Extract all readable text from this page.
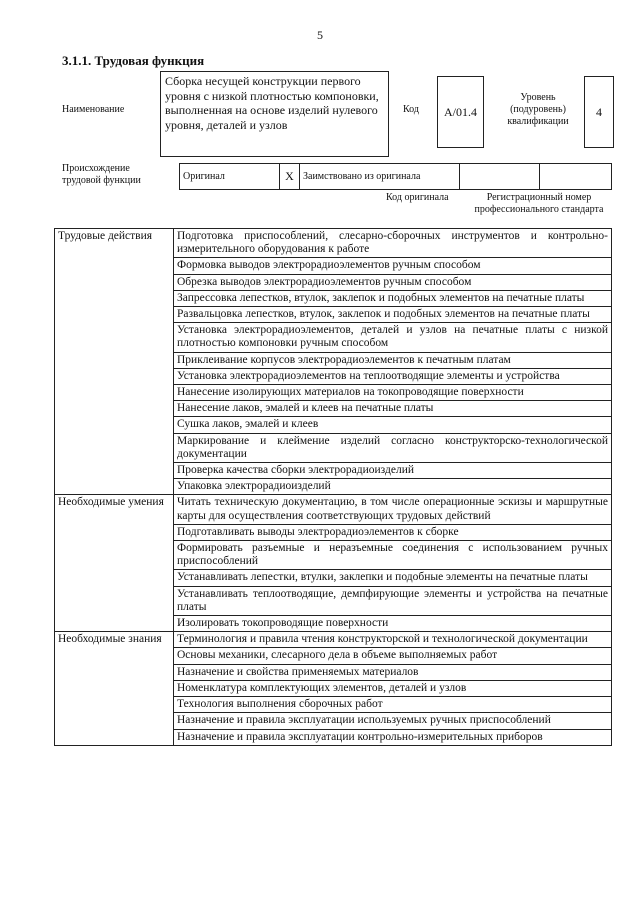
5
3.1.1. Трудовая функция
Наименование
Сборка несущей конструкции первого уровня с низкой плотностью компоновки, выполненная на основе изделий нулевого уровня, деталей и узлов
Код	А/01.4
Уровень (подуровень) квалификации
4
Происхождение трудовой функции	Оригинал	X Заимствовано из оригинала
Код оригинала	Регистрационный номер профессионального стандарта
Трудовые действия	Подготовка приспособлений, слесарно-сборочных инструментов и контрольно-измерительного оборудования к работе
	Формовка выводов электрорадиоэлементов ручным способом
	Обрезка выводов электрорадиоэлементов ручным способом
	Запрессовка лепестков, втулок, заклепок и подобных элементов на печатные платы
	Развальцовка лепестков, втулок, заклепок и подобных элементов на печатные платы
	Установка электрорадиоэлементов, деталей и узлов на печатные платы с низкой плотностью компоновки ручным способом
	Приклеивание корпусов электрорадиоэлементов к печатным платам
	Установка электрорадиоэлементов на теплоотводящие элементы и устройства
	Нанесение изолирующих материалов на токопроводящие поверхности
	Нанесение лаков, эмалей и клеев на печатные платы
	Сушка лаков, эмалей и клеев
	Маркирование и клеймение изделий согласно конструкторско-технологической документации
	Проверка качества сборки электрорадиоизделий
	Упаковка электрорадиоизделий
Необходимые умения	Читать техническую документацию, в том числе операционные эскизы и маршрутные карты для осуществления соответствующих трудовых действий
	Подготавливать выводы электрорадиоэлементов к сборке
	Формировать разъемные и неразъемные соединения с использованием ручных приспособлений
	Устанавливать лепестки, втулки, заклепки и подобные элементы на печатные платы
	Устанавливать теплоотводящие, демпфирующие элементы и устройства на печатные платы
	Изолировать токопроводящие поверхности
Необходимые знания	Терминология и правила чтения конструкторской и технологической документации
	Основы механики, слесарного дела в объеме выполняемых работ
	Назначение и свойства применяемых материалов
	Номенклатура комплектующих элементов, деталей и узлов
	Технология выполнения сборочных работ
	Назначение и правила эксплуатации используемых ручных приспособлений
	Назначение и правила эксплуатации контрольно-измерительных приборов
